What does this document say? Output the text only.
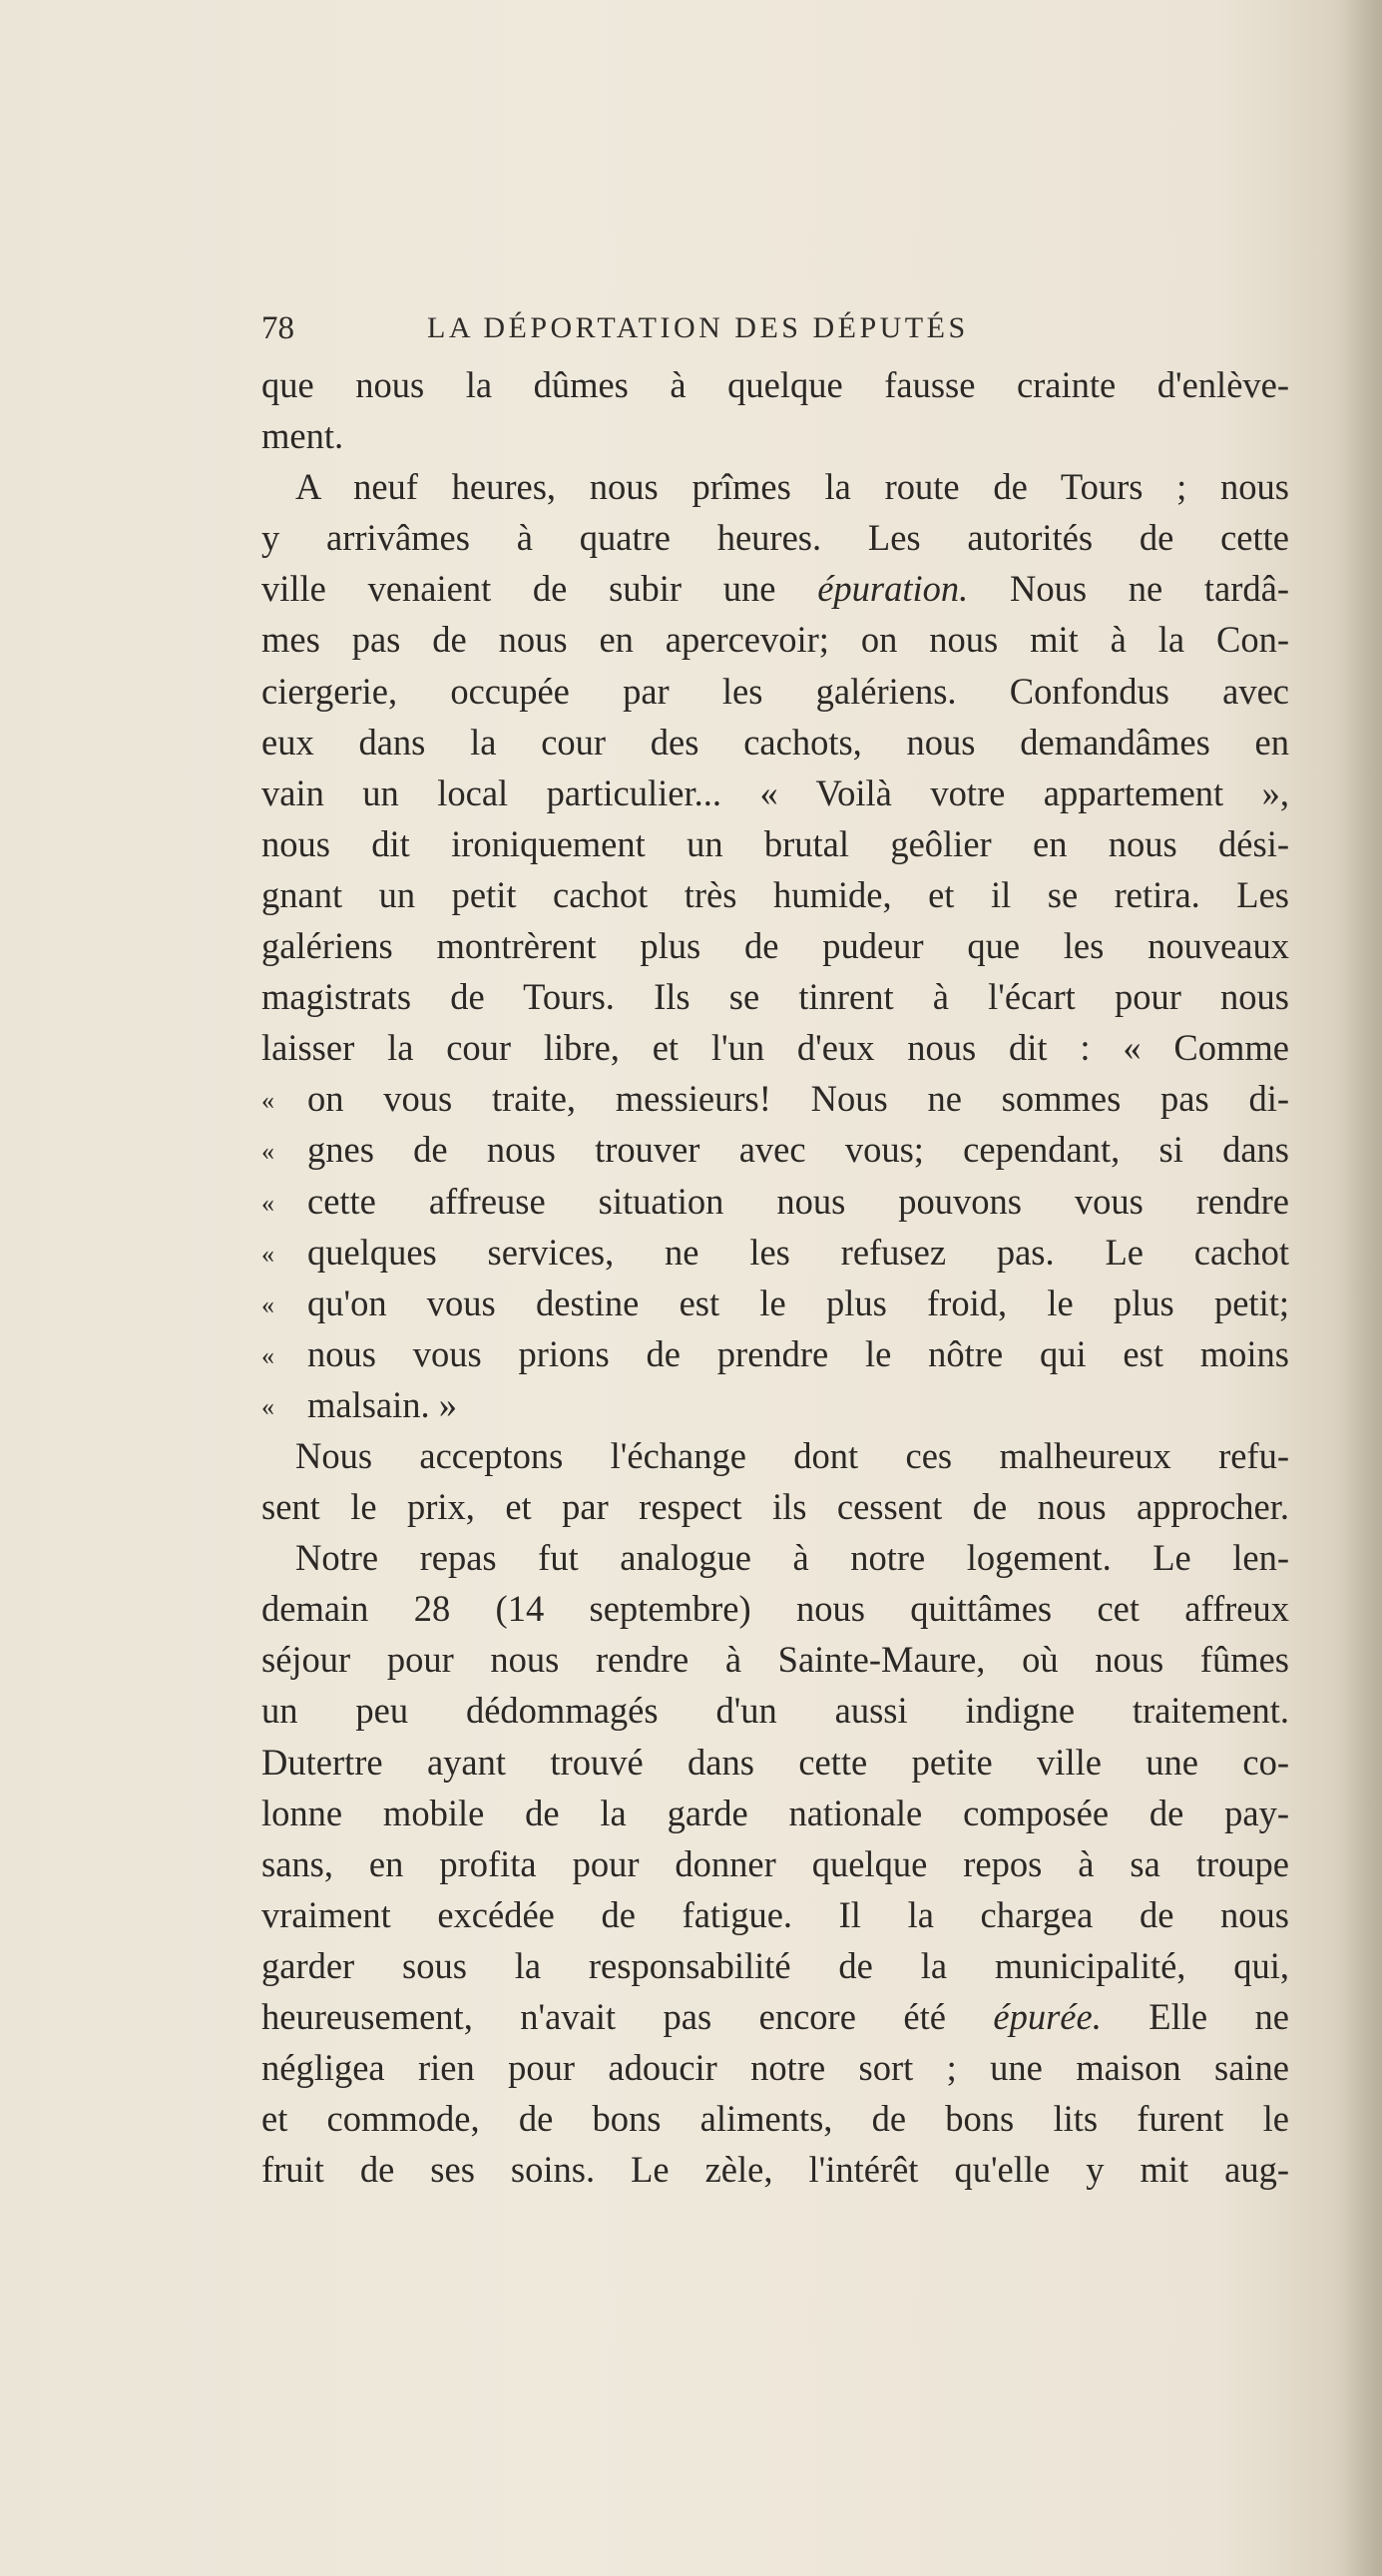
78	LA DÉPORTATION DES DÉPUTÉS
que nous la dûmes à quelque fausse crainte d'enlève-
ment.
A neuf heures, nous prîmes la route de Tours ; nous
y arrivâmes à quatre heures. Les autorités de cette
ville venaient de subir une épuration. Nous ne tardâ-
mes pas de nous en apercevoir; on nous mit à la Con-
ciergerie, occupée par les galériens. Confondus avec
eux dans la cour des cachots, nous demandâmes en
vain un local particulier... « Voilà votre appartement »,
nous dit ironiquement un brutal geôlier en nous dési-
gnant un petit cachot très humide, et il se retira. Les
galériens montrèrent plus de pudeur que les nouveaux
magistrats de Tours. Ils se tinrent à l'écart pour nous
laisser la cour libre, et l'un d'eux nous dit : « Comme
« on vous traite, messieurs! Nous ne sommes pas di-
« gnes de nous trouver avec vous; cependant, si dans
« cette affreuse situation nous pouvons vous rendre
« quelques services, ne les refusez pas. Le cachot
« qu'on vous destine est le plus froid, le plus petit;
« nous vous prions de prendre le nôtre qui est moins
« malsain. »
Nous acceptons l'échange dont ces malheureux refu-
sent le prix, et par respect ils cessent de nous approcher.
Notre repas fut analogue à notre logement. Le len-
demain 28 (14 septembre) nous quittâmes cet affreux
séjour pour nous rendre à Sainte-Maure, où nous fûmes
un peu dédommagés d'un aussi indigne traitement.
Dutertre ayant trouvé dans cette petite ville une co-
lonne mobile de la garde nationale composée de pay-
sans, en profita pour donner quelque repos à sa troupe
vraiment excédée de fatigue. Il la chargea de nous
garder sous la responsabilité de la municipalité, qui,
heureusement, n'avait pas encore été épurée. Elle ne
négligea rien pour adoucir notre sort ; une maison saine
et commode, de bons aliments, de bons lits furent le
fruit de ses soins. Le zèle, l'intérêt qu'elle y mit aug-
